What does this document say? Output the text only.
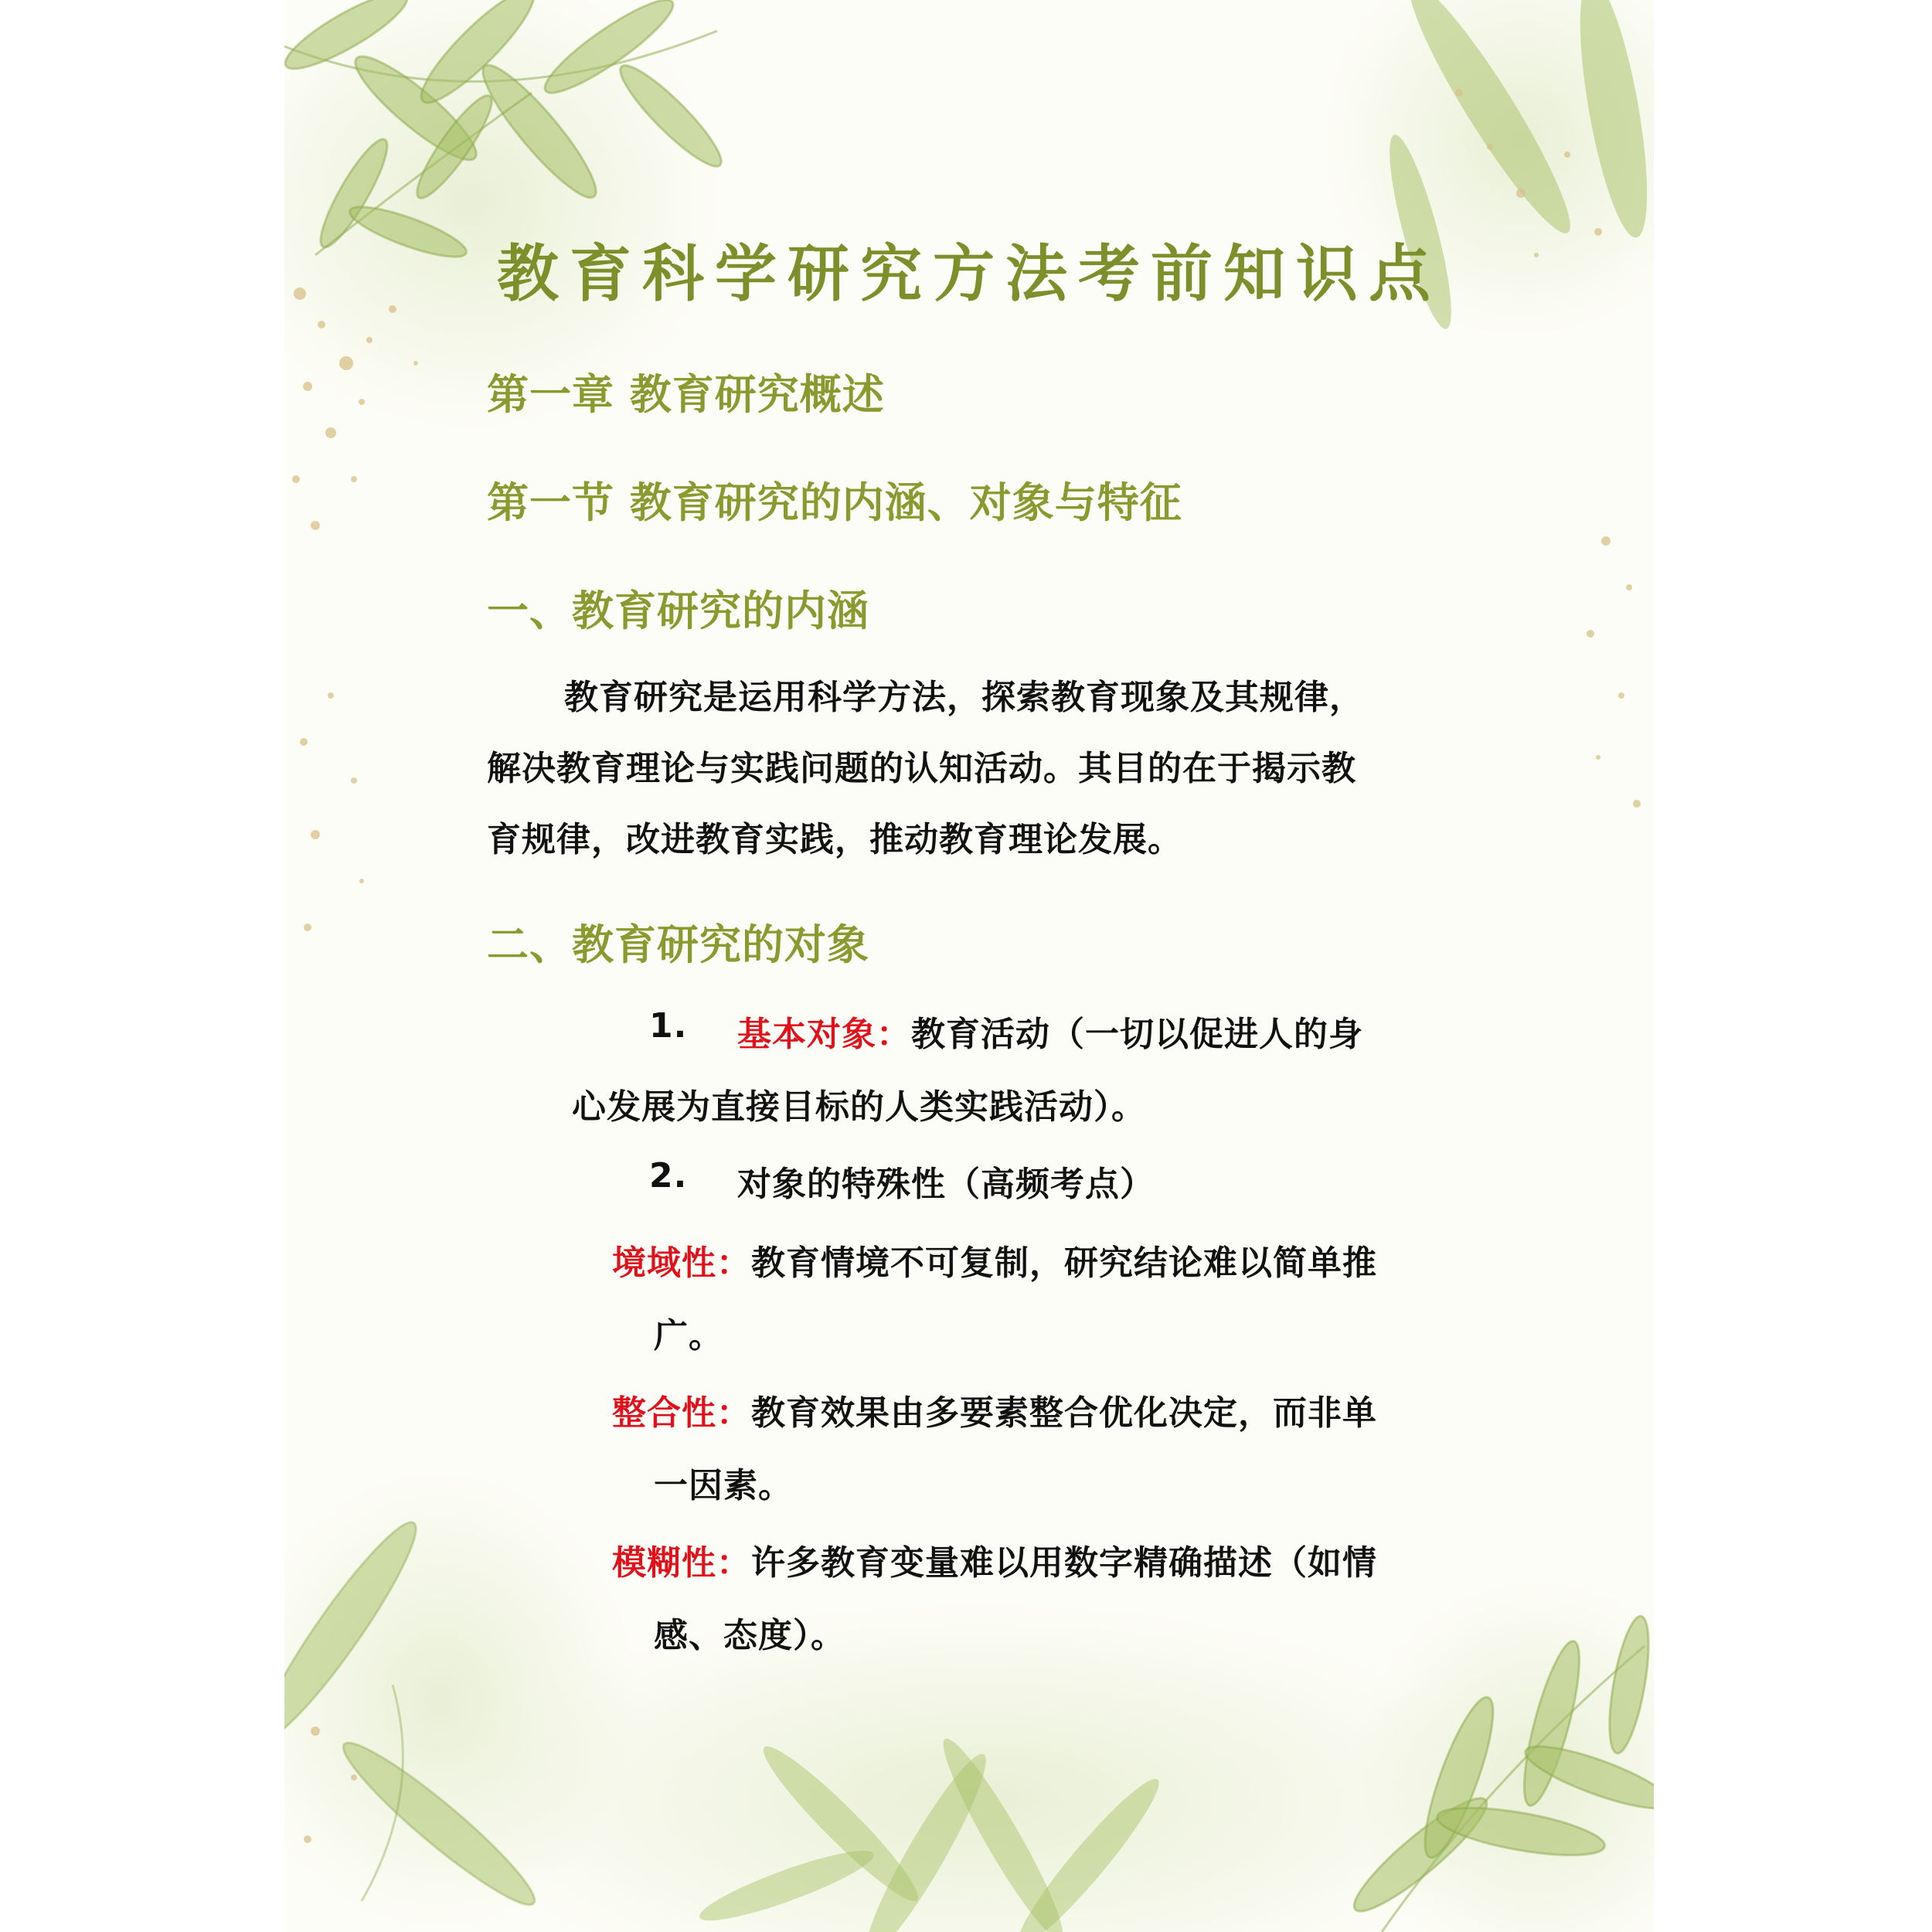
教育科学研究方法考前知识点
第一章 教育研究概述
第一节 教育研究的内涵、对象与特征
一、教育研究的内涵
教育研究是运用科学方法，探索教育现象及其规律，
解决教育理论与实践问题的认知活动。其目的在于揭示教
育规律，改进教育实践，推动教育理论发展。
二、教育研究的对象
1. 基本对象：教育活动（一切以促进人的身
心发展为直接目标的人类实践活动）。
2. 对象的特殊性（高频考点）
境域性：教育情境不可复制，研究结论难以简单推
广。
整合性：教育效果由多要素整合优化决定，而非单
一因素。
模糊性：许多教育变量难以用数字精确描述（如情
感、态度）。
